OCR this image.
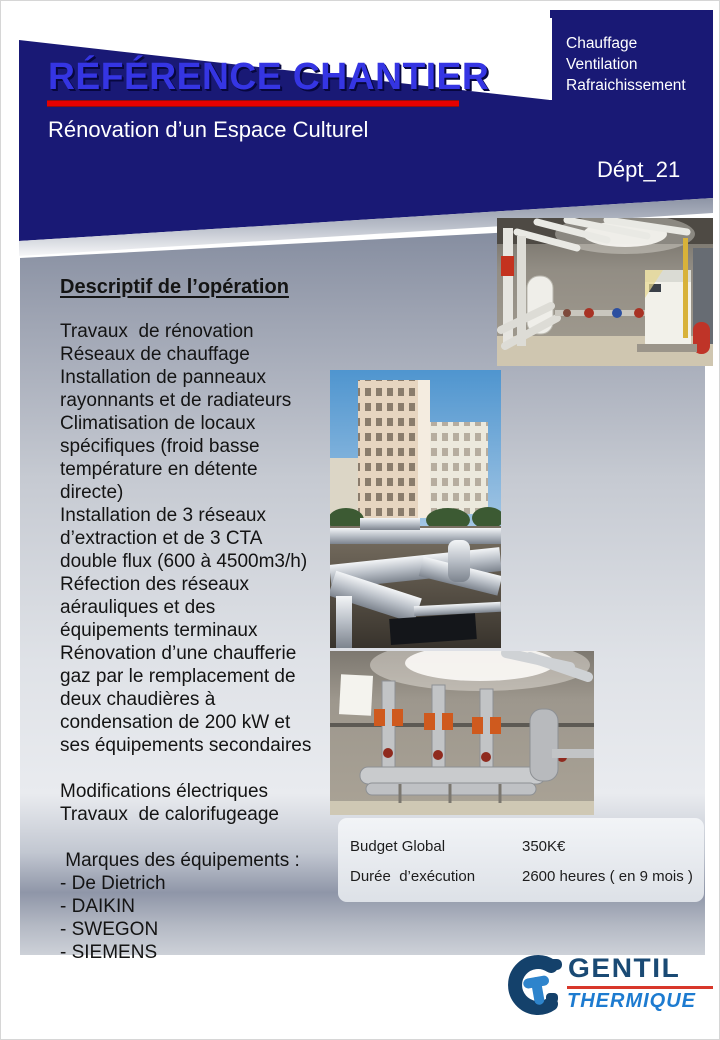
RÉFÉRENCE CHANTIER
Rénovation d’un Espace Culturel
Dépt_21
Chauffage
Ventilation
Rafraichissement
Descriptif de l’opération
Travaux  de rénovation
Réseaux de chauffage
Installation de panneaux
rayonnants et de radiateurs
Climatisation de locaux
spécifiques (froid basse
température en détente
directe)
Installation de 3 réseaux
d’extraction et de 3 CTA
double flux (600 à 4500m3/h)
Réfection des réseaux
aérauliques et des
équipements terminaux
Rénovation d’une chaufferie
gaz par le remplacement de
deux chaudières à
condensation de 200 kW et
ses équipements secondaires
Modifications électriques
Travaux  de calorifugeage
Marques des équipements :
- De Dietrich
- DAIKIN
- SWEGON
- SIEMENS
Budget Global	350K€
Durée  d’exécution	2600 heures ( en 9 mois )
GENTIL
THERMIQUE
